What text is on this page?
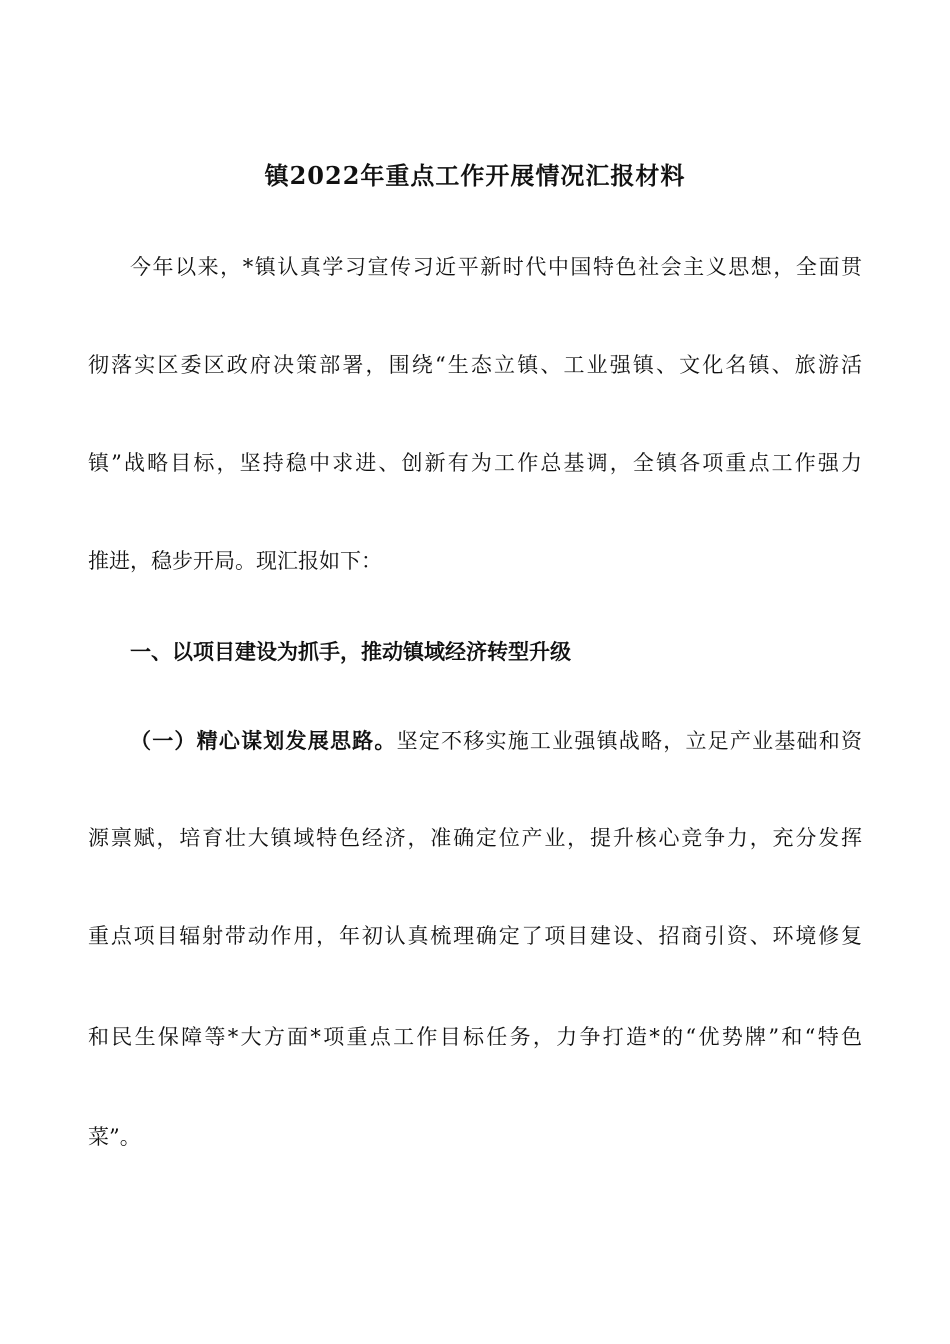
镇2022年重点工作开展情况汇报材料
今年以来，*镇认真学习宣传习近平新时代中国特色社会主义思想，全面贯
彻落实区委区政府决策部署，围绕“生态立镇、工业强镇、文化名镇、旅游活
镇”战略目标，坚持稳中求进、创新有为工作总基调，全镇各项重点工作强力
推进，稳步开局。现汇报如下：
一、以项目建设为抓手，推动镇域经济转型升级
（一）精心谋划发展思路。坚定不移实施工业强镇战略，立足产业基础和资
源禀赋，培育壮大镇域特色经济，准确定位产业，提升核心竞争力，充分发挥
重点项目辐射带动作用，年初认真梳理确定了项目建设、招商引资、环境修复
和民生保障等*大方面*项重点工作目标任务，力争打造*的“优势牌”和“特色
菜”。
